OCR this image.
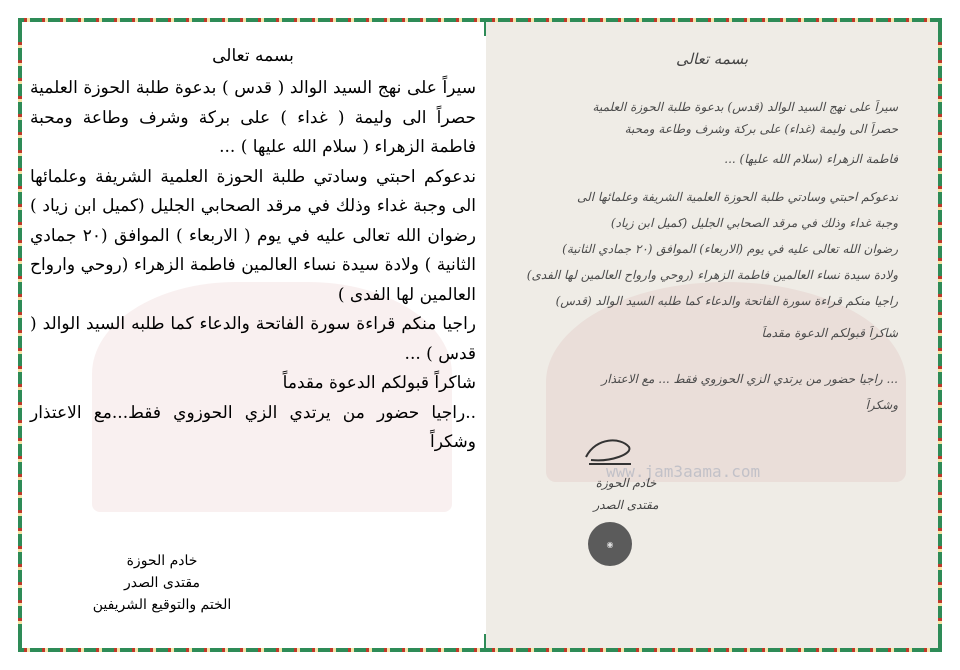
بسمه تعالى

سيراً على نهج السيد الوالد ( قدس ) بدعوة طلبة الحوزة العلمية حصراً الى وليمة ( غداء ) على بركة وشرف وطاعة ومحبة فاطمة الزهراء ( سلام الله عليها ) ...

ندعوكم احبتي وسادتي طلبة الحوزة العلمية الشريفة وعلمائها الى وجبة غداء وذلك في مرقد الصحابي الجليل (كميل ابن زياد ) رضوان الله تعالى عليه في يوم ( الاربعاء ) الموافق (٢٠ جمادي الثانية ) ولادة سيدة نساء العالمين فاطمة الزهراء (روحي وارواح العالمين لها الفدى )

راجيا منكم قراءة سورة الفاتحة والدعاء كما طلبه السيد الوالد ( قدس ) ...

شاكراً قبولكم الدعوة مقدماً

..راجيا حضور من يرتدي الزي الحوزوي فقط...مع الاعتذار وشكراً

خادم الحوزة
مقتدى الصدر
الختم والتوقيع الشريفين
www.jam3aama.com
بسمه تعالى
سيراً على نهج السيد الوالد (قدس) بدعوة طلبة الحوزة العلمية
حصراً الى وليمة (غداء) على بركة وشرف وطاعة ومحبة
فاطمة الزهراء (سلام الله عليها) ...
ندعوكم احبتي وسادتي طلبة الحوزة العلمية الشريفة وعلمائها الى
وجبة غداء وذلك في مرقد الصحابي الجليل (كميل ابن زياد)
رضوان الله تعالى عليه في يوم (الاربعاء) الموافق (٢٠ جمادي الثانية)
ولادة سيدة نساء العالمين فاطمة الزهراء (روحي وارواح العالمين لها الفدى)
راجيا منكم قراءة سورة الفاتحة والدعاء كما طلبه السيد الوالد (قدس)
شاكراً قبولكم الدعوة مقدماً
... راجيا حضور من يرتدي الزي الحوزوي فقط ... مع الاعتذار
وشكراً
خادم الحوزة
مقتدى الصدر
◉
